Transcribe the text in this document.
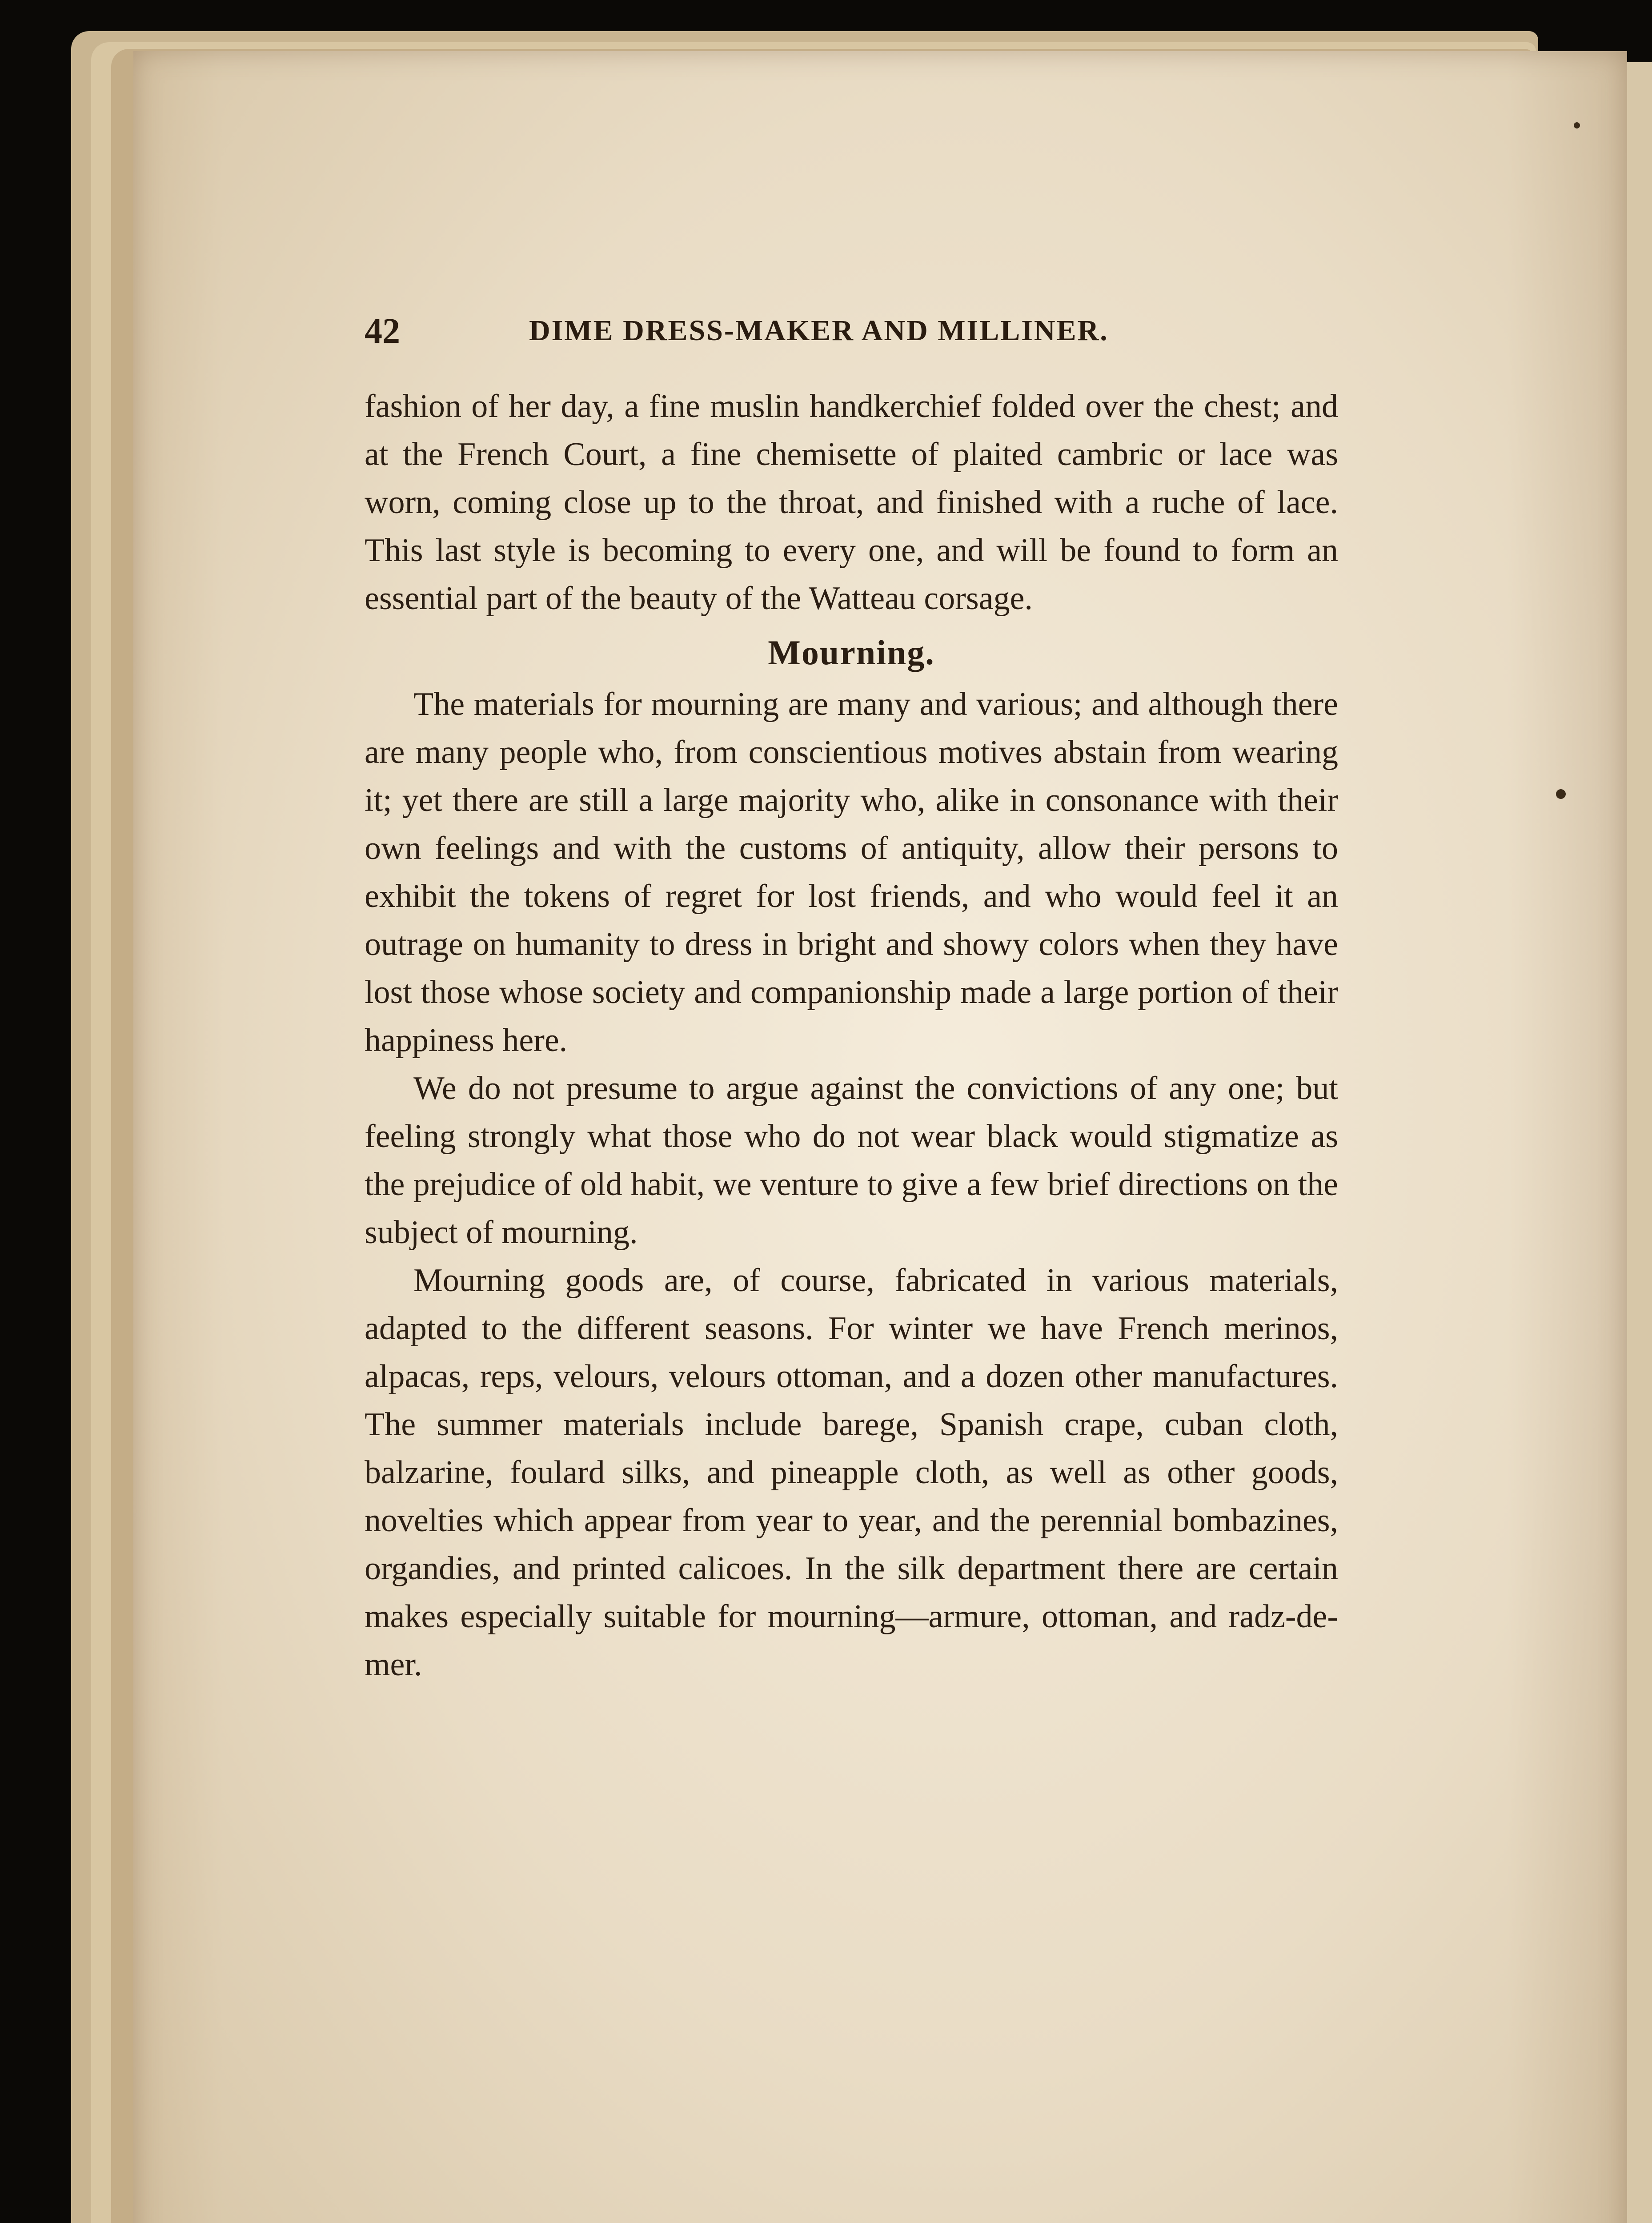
42	DIME DRESS-MAKER AND MILLINER.

fashion of her day, a fine muslin handkerchief folded over the chest; and at the French Court, a fine chemisette of plaited cambric or lace was worn, coming close up to the throat, and finished with a ruche of lace. This last style is becoming to every one, and will be found to form an essential part of the beauty of the Watteau corsage.

Mourning.

The materials for mourning are many and various; and although there are many people who, from conscientious motives abstain from wearing it; yet there are still a large majority who, alike in consonance with their own feelings and with the customs of antiquity, allow their persons to exhibit the tokens of regret for lost friends, and who would feel it an outrage on humanity to dress in bright and showy colors when they have lost those whose society and companionship made a large portion of their happiness here.

We do not presume to argue against the convictions of any one; but feeling strongly what those who do not wear black would stigmatize as the prejudice of old habit, we venture to give a few brief directions on the subject of mourning.

Mourning goods are, of course, fabricated in various materials, adapted to the different seasons. For winter we have French merinos, alpacas, reps, velours, velours ottoman, and a dozen other manufactures. The summer materials include barege, Spanish crape, cuban cloth, balzarine, foulard silks, and pineapple cloth, as well as other goods, novelties which appear from year to year, and the perennial bombazines, organdies, and printed calicoes. In the silk department there are certain makes especially suitable for mourning—armure, ottoman, and radz-de-mer.
